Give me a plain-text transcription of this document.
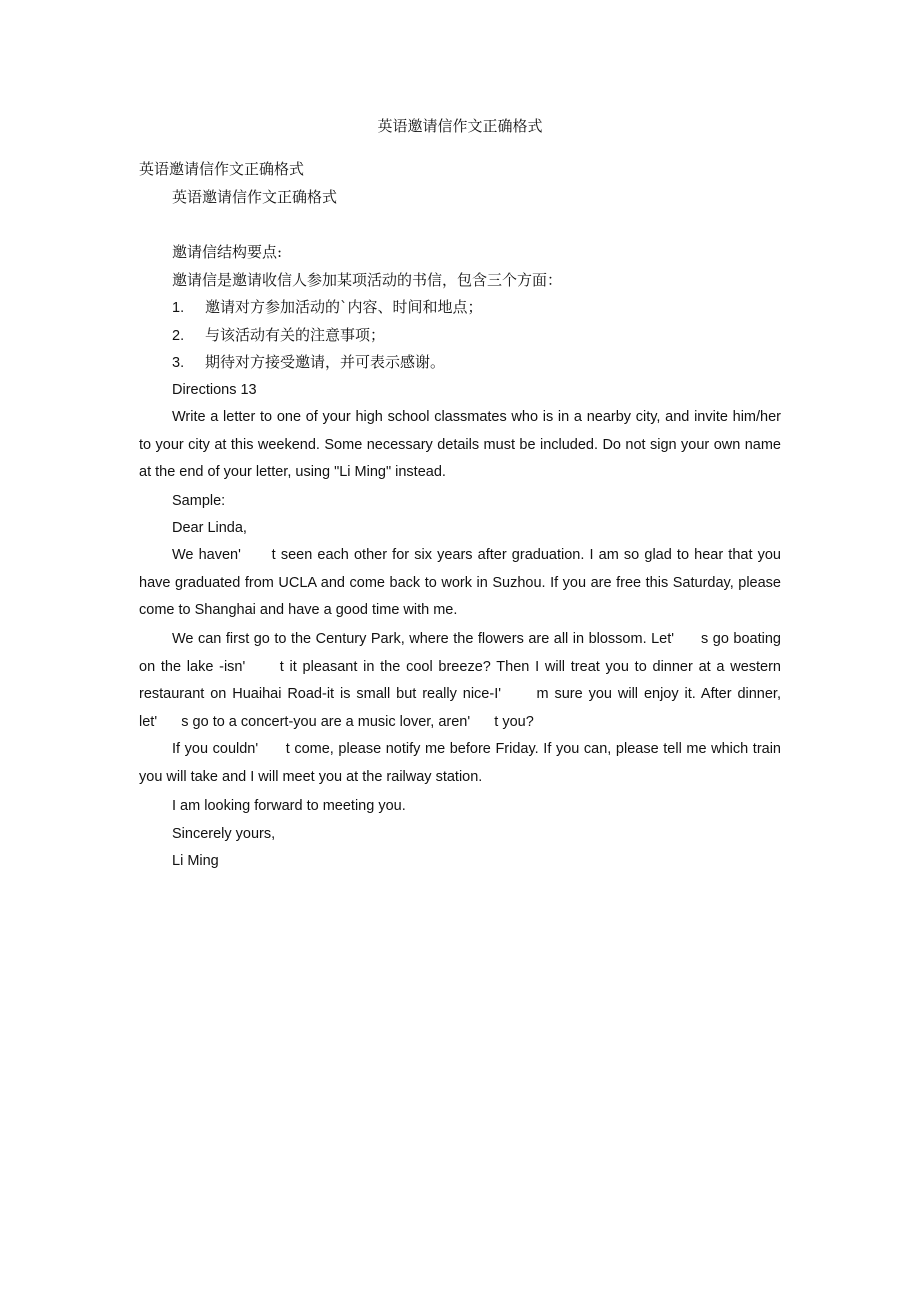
英语邀请信作文正确格式
英语邀请信作文正确格式
英语邀请信作文正确格式
邀请信结构要点:
邀请信是邀请收信人参加某项活动的书信，包含三个方面：
1. 邀请对方参加活动的`内容、时间和地点；
2. 与该活动有关的注意事项；
3. 期待对方接受邀请，并可表示感谢。
Directions 13
Write a letter to one of your high school classmates who is in a nearby city, and invite him/her to your city at this weekend. Some necessary details must be included. Do not sign your own name at the end of your letter, using "Li Ming" instead.
Sample:
Dear Linda,
We haven'      t seen each other for six years after graduation. I am so glad to hear that you have graduated from UCLA and come back to work in Suzhou. If you are free this Saturday, please come to Shanghai and have a good time with me.
We can first go to the Century Park, where the flowers are all in blossom. Let'      s go boating on the lake -isn'      t it pleasant in the cool breeze? Then I will treat you to dinner at a western restaurant on Huaihai Road-it is small but really nice-I'      m sure you will enjoy it. After dinner, let'      s go to a concert-you are a music lover, aren'      t you?
If you couldn'      t come, please notify me before Friday. If you can, please tell me which train you will take and I will meet you at the railway station.
I am looking forward to meeting you.
Sincerely yours,
Li Ming
